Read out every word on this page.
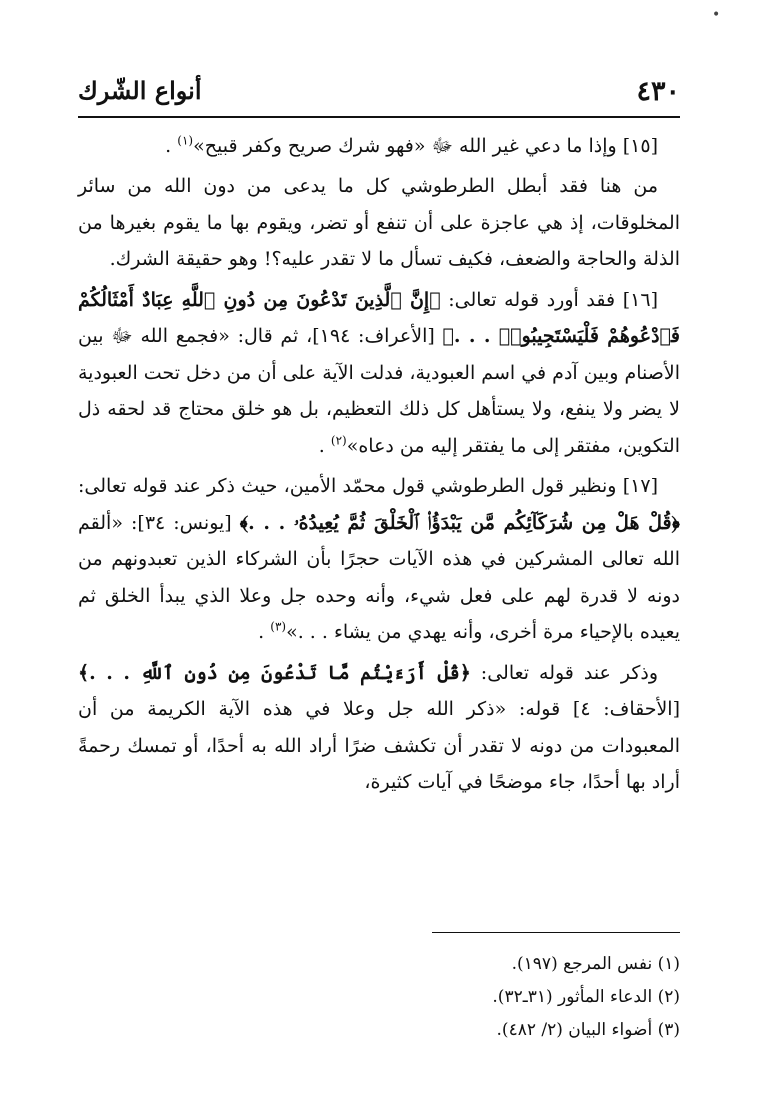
•
٤٣٠
أنواع الشّرك

[١٥] وإذا ما دعي غير الله ﷻ «فهو شرك صريح وكفر قبيح»$^{(١)}$ .

من هنا فقد أبطل الطرطوشي كل ما يدعى من دون الله من سائر المخلوقات، إذ هي عاجزة على أن تنفع أو تضر، ويقوم بها ما يقوم بغيرها من الذلة والحاجة والضعف، فكيف تسأل ما لا تقدر عليه؟! وهو حقيقة الشرك.

[١٦] فقد أورد قوله تعالى: ﴿إِنَّ ٱلَّذِينَ تَدْعُونَ مِن دُونِ ٱللَّهِ عِبَادٌ أَمْثَالُكُمْ فَٱدْعُوهُمْ فَلْيَسْتَجِيبُوا۟ . . .﴾ [الأعراف: ١٩٤]، ثم قال: «فجمع الله ﷻ بين الأصنام وبين آدم في اسم العبودية، فدلت الآية على أن من دخل تحت العبودية لا يضر ولا ينفع، ولا يستأهل كل ذلك التعظيم، بل هو خلق محتاج قد لحقه ذل التكوين، مفتقر إلى ما يفتقر إليه من دعاه»$^{(٢)}$ .

[١٧] ونظير قول الطرطوشي قول محمّد الأمين، حيث ذكر عند قوله تعالى: ﴿قُلْ هَلْ مِن شُرَكَآئِكُم مَّن يَبْدَؤُا۟ ٱلْخَلْقَ ثُمَّ يُعِيدُهُۥ . . .﴾ [يونس: ٣٤]: «ألقم الله تعالى المشركين في هذه الآيات حجرًا بأن الشركاء الذين تعبدونهم من دونه لا قدرة لهم على فعل شيء، وأنه وحده جل وعلا الذي يبدأ الخلق ثم يعيده بالإحياء مرة أخرى، وأنه يهدي من يشاء . . .»$^{(٣)}$ .

وذكر عند قوله تعالى: ﴿قُلْ أَرَءَيْتُم مَّا تَدْعُونَ مِن دُونِ ٱللَّهِ . . .﴾ [الأحقاف: ٤] قوله: «ذكر الله جل وعلا في هذه الآية الكريمة من أن المعبودات من دونه لا تقدر أن تكشف ضرًا أراد الله به أحدًا، أو تمسك رحمةً أراد بها أحدًا، جاء موضحًا في آيات كثيرة،

(١) نفس المرجع (١٩٧).
(٢) الدعاء المأثور (٣١ـ٣٢).
(٣) أضواء البيان (٢/ ٤٨٢).
